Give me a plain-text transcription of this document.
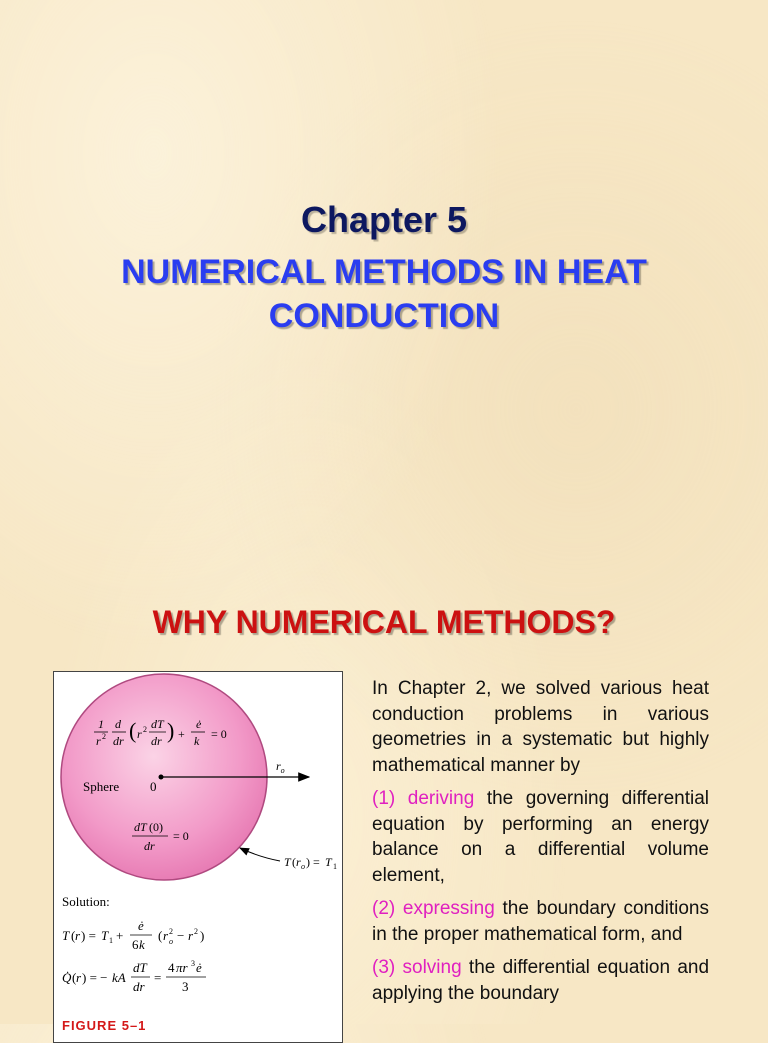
Chapter 5
NUMERICAL METHODS IN HEAT CONDUCTION
WHY NUMERICAL METHODS?
1
r 2
d
dr ( r 2 dT
dr ) +
ė
k = 0
Sphere 0
$r_o$
dT (0)
dr
= 0
T ( r o ) = T 1
Solution:
T ( r ) = T 1 +
ė
6 k
( r 2
o − r 2 )
Q̇ ( r ) = − kA
dT
dr
=
4 πr 3 ė
3
FIGURE 5–1

In Chapter 2, we solved various heat conduction problems in various geometries in a systematic but highly mathematical manner by

(1) deriving the governing differential equation by performing an energy balance on a differential volume element,

(2) expressing the boundary conditions in the proper mathematical form, and

(3) solving the differential equation and applying the boundary
